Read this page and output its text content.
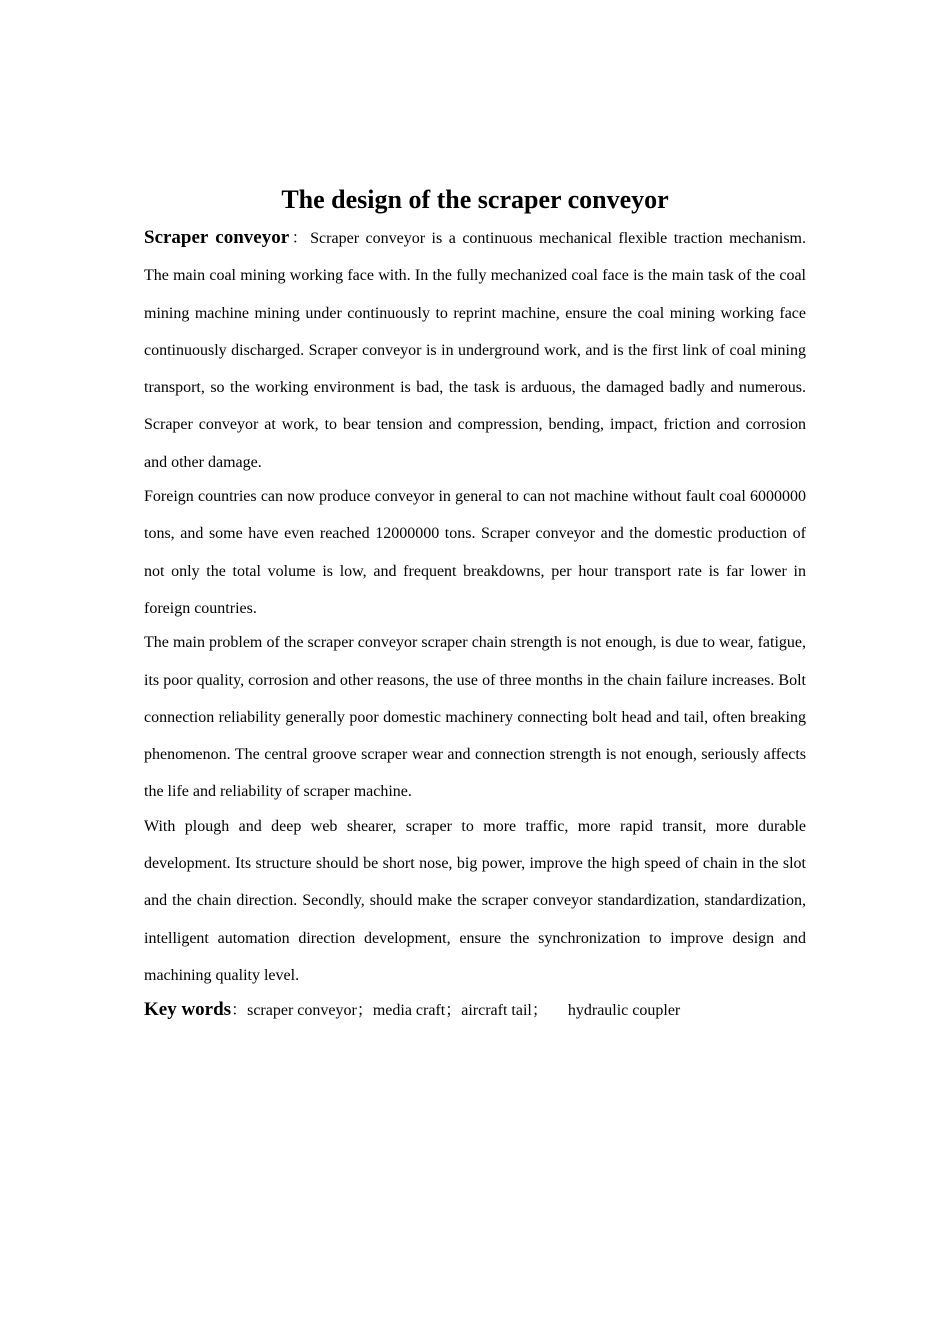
The design of the scraper conveyor

Scraper conveyor：Scraper conveyor is a continuous mechanical flexible traction mechanism. The main coal mining working face with. In the fully mechanized coal face is the main task of the coal mining machine mining under continuously to reprint machine, ensure the coal mining working face continuously discharged. Scraper conveyor is in underground work, and is the first link of coal mining transport, so the working environment is bad, the task is arduous, the damaged badly and numerous. Scraper conveyor at work, to bear tension and compression, bending, impact, friction and corrosion and other damage.

Foreign countries can now produce conveyor in general to can not machine without fault coal 6000000 tons, and some have even reached 12000000 tons. Scraper conveyor and the domestic production of not only the total volume is low, and frequent breakdowns, per hour transport rate is far lower in foreign countries.

The main problem of the scraper conveyor scraper chain strength is not enough, is due to wear, fatigue, its poor quality, corrosion and other reasons, the use of three months in the chain failure increases. Bolt connection reliability generally poor domestic machinery connecting bolt head and tail, often breaking phenomenon. The central groove scraper wear and connection strength is not enough, seriously affects the life and reliability of scraper machine.

With plough and deep web shearer, scraper to more traffic, more rapid transit, more durable development. Its structure should be short nose, big power, improve the high speed of chain in the slot and the chain direction. Secondly, should make the scraper conveyor standardization, standardization, intelligent automation direction development, ensure the synchronization to improve design and machining quality level.

Key words：scraper conveyor；media craft；aircraft tail；  hydraulic coupler
